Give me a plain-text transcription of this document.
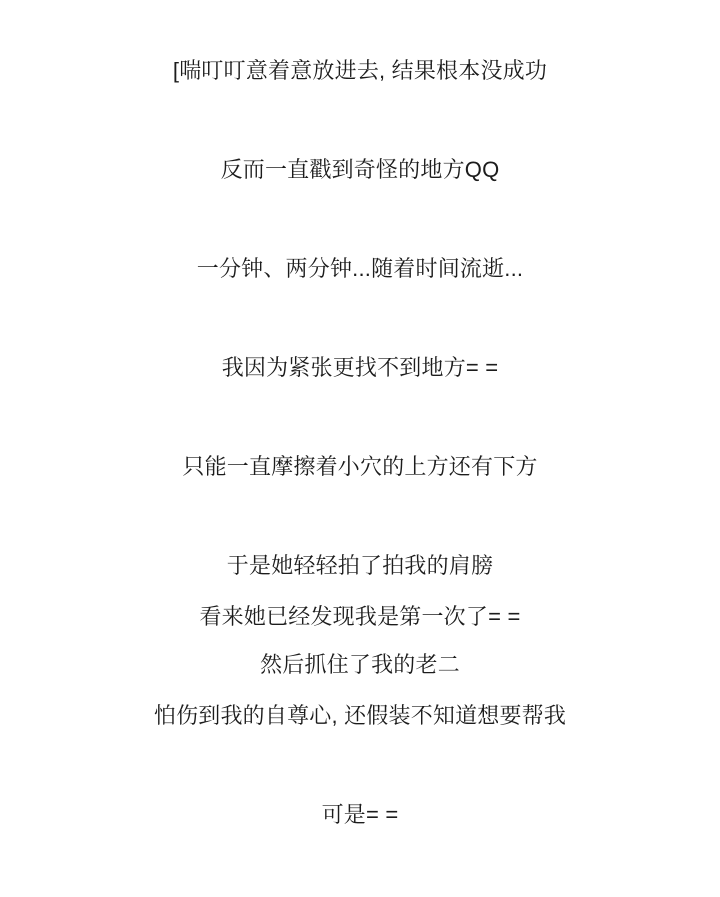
[喘叮叮意着意放进去, 结果根本没成功

反而一直戳到奇怪的地方QQ

一分钟、两分钟...随着时间流逝...

我因为紧张更找不到地方= =

只能一直摩擦着小穴的上方还有下方

于是她轻轻拍了拍我的肩膀

然后抓住了我的老二

看来她已经发现我是第一次了= =

怕伤到我的自尊心, 还假装不知道想要帮我

可是= =
